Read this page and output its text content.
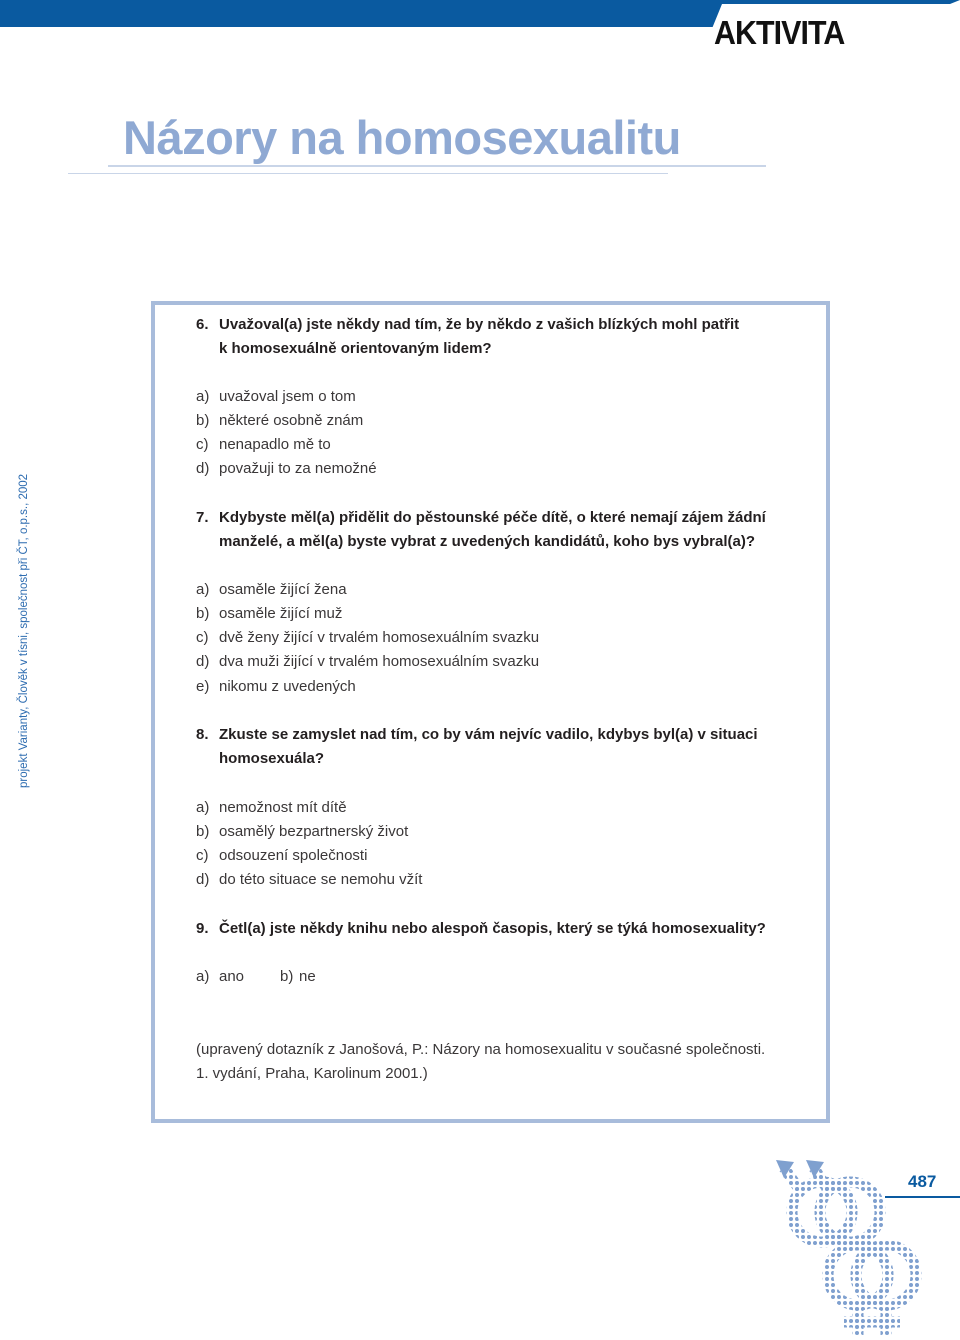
AKTIVITA
Názory na homosexualitu
projekt Varianty, Člověk v tísni, společnost při ČT, o.p.s., 2002
6. Uvažoval(a) jste někdy nad tím, že by někdo z vašich blízkých mohl patřit
k homosexuálně orientovaným lidem?
a) uvažoval jsem o tom
b) některé osobně znám
c) nenapadlo mě to
d) považuji to za nemožné
7. Kdybyste měl(a) přidělit do pěstounské péče dítě, o které nemají zájem žádní
manželé, a měl(a) byste vybrat z uvedených kandidátů, koho bys vybral(a)?
a) osaměle žijící žena
b) osaměle žijící muž
c) dvě ženy žijící v trvalém homosexuálním svazku
d) dva muži žijící v trvalém homosexuálním svazku
e) nikomu z uvedených
8. Zkuste se zamyslet nad tím, co by vám nejvíc vadilo, kdybys byl(a) v situaci
homosexuála?
a) nemožnost mít dítě
b) osamělý bezpartnerský život
c) odsouzení společnosti
d) do této situace se nemohu vžít
9. Četl(a) jste někdy knihu nebo alespoň časopis, který se týká homosexuality?
a) ano b) ne
(upravený dotazník z Janošová, P.: Názory na homosexualitu v současné společnosti.
1. vydání, Praha, Karolinum 2001.)
487
